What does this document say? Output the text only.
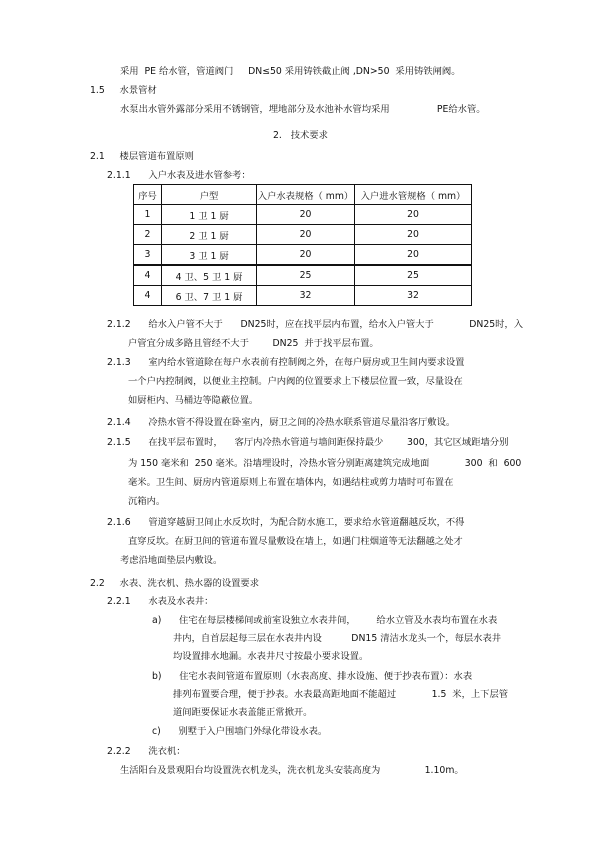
采用  PE 给水管，管道阀门     DN≤50 采用铸铁截止阀 ,DN>50  采用铸铁闸阀。
1.5     水景管材
水泵出水管外露部分采用不锈钢管，埋地部分及水池补水管均采用                PE给水管。
2.   技术要求
2.1     楼层管道布置原则
2.1.1      入户水表及进水管参考：
序号	户型	入户水表规格（ mm）	入户进水管规格（ mm）
1	1 卫 1 厨	20	20
2	2 卫 1 厨	20	20
3	3 卫 1 厨	20	20
4	4 卫、5 卫 1 厨	25	25
4	6 卫、7 卫 1 厨	32	32
2.1.2      给水入户管不大于      DN25时，应在找平层内布置，给水入户管大于            DN25时，入
户管宜分成多路且管经不大于        DN25  并于找平层布置。
2.1.3      室内给水管道除在每户水表前有控制阀之外，在每户厨房或卫生间内要求设置
一个户内控制阀，以便业主控制。户内阀的位置要求上下楼层位置一致，尽量设在
如厨柜内、马桶边等隐蔽位置。
2.1.4      冷热水管不得设置在卧室内，厨卫之间的冷热水联系管道尽量沿客厅敷设。
2.1.5      在找平层布置时，    客厅内冷热水管道与墙间距保持最少        300，其它区域距墙分别
为 150 毫米和  250 毫米。沿墙埋设时，冷热水管分别距离建筑完成地面            300  和  600
毫米。卫生间、厨房内管道原则上布置在墙体内，如遇结柱或剪力墙时可布置在
沉箱内。
2.1.6      管道穿越厨卫间止水反坎时，为配合防水施工，要求给水管道翻越反坎，不得
直穿反坎。在厨卫间的管道布置尽量敷设在墙上，如遇门柱烟道等无法翻越之处才
考虑沿地面垫层内敷设。
2.2     水表、洗衣机、热水器的设置要求
2.2.1      水表及水表井：
a)      住宅在每层楼梯间或前室设独立水表井间，       给水立管及水表均布置在水表
井内，自首层起每三层在水表井内设          DN15 清洁水龙头一个，每层水表井
均设置排水地漏。水表井尺寸按最小要求设置。
b)      住宅水表间管道布置原则（水表高度、排水设施、便于抄表布置）：水表
排列布置要合理，便于抄表。水表最高距地面不能超过            1.5  米，上下层管
道间距要保证水表盖能正常掀开。
c)      别墅于入户围墙门外绿化带设水表。
2.2.2      洗衣机：
生活阳台及景观阳台均设置洗衣机龙头，洗衣机龙头安装高度为               1.10m。
